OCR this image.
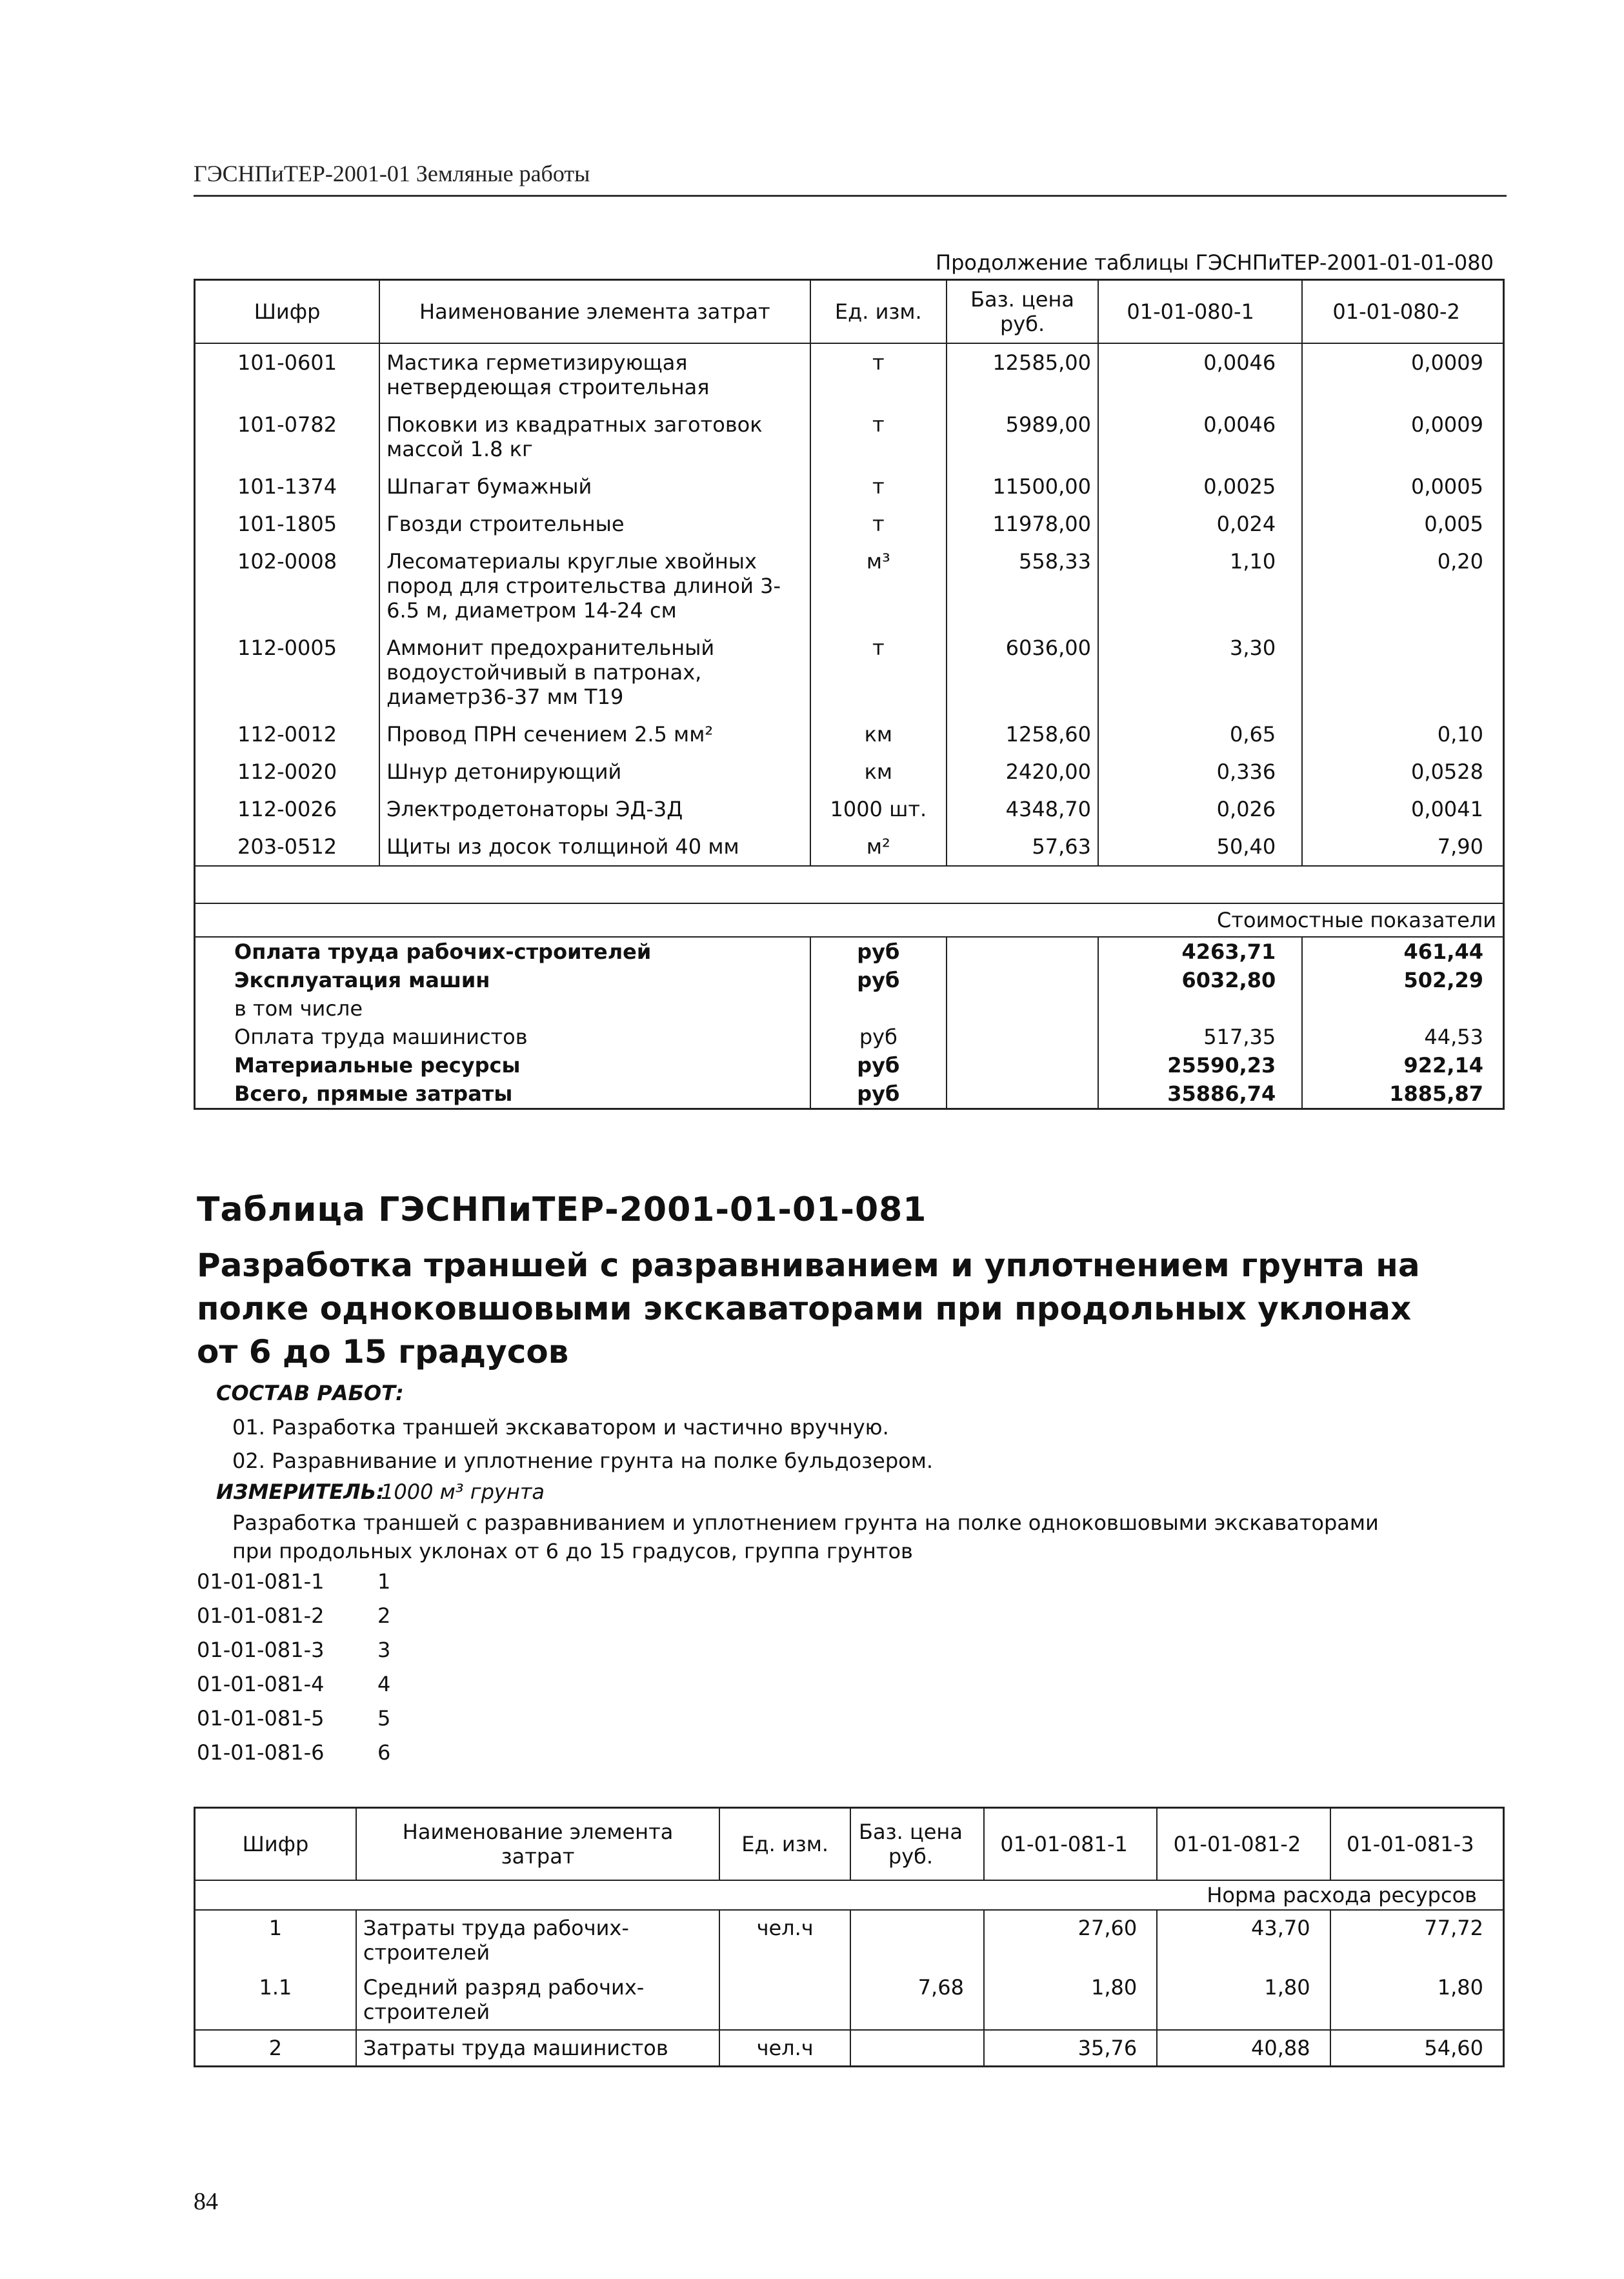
ГЭСНПиТЕР-2001-01 Земляные работы
Продолжение таблицы ГЭСНПиТЕР-2001-01-01-080
Шифр	Наименование элемента затрат	Ед. изм.	Баз. цена руб.	01-01-080-1	01-01-080-2
101-0601	Мастика герметизирующая нетвердеющая строительная	т	12585,00	0,0046	0,0009
101-0782	Поковки из квадратных заготовок массой 1.8 кг	т	5989,00	0,0046	0,0009
101-1374	Шпагат бумажный	т	11500,00	0,0025	0,0005
101-1805	Гвозди строительные	т	11978,00	0,024	0,005
102-0008	Лесоматериалы круглые хвойных пород для строительства длиной 3-6.5 м, диаметром 14-24 см	м³	558,33	1,10	0,20
112-0005	Аммонит предохранительный водоустойчивый в патронах, диаметр36-37 мм Т19	т	6036,00	3,30	
112-0012	Провод ПРН сечением 2.5 мм²	км	1258,60	0,65	0,10
112-0020	Шнур детонирующий	км	2420,00	0,336	0,0528
112-0026	Электродетонаторы ЭД-3Д	1000 шт.	4348,70	0,026	0,0041
203-0512	Щиты из досок толщиной 40 мм	м²	57,63	50,40	7,90

Стоимостные показатели					
Оплата труда рабочих-строителей		руб		4263,71	461,44
Эксплуатация машин		руб		6032,80	502,29
в том числе					
Оплата труда машинистов		руб		517,35	44,53
Материальные ресурсы		руб		25590,23	922,14
Всего, прямые затраты		руб		35886,74	1885,87
Таблица ГЭСНПиТЕР-2001-01-01-081
Разработка траншей с разравниванием и уплотнением грунта на полке одноковшовыми экскаваторами при продольных уклонах от 6 до 15 градусов
СОСТАВ РАБОТ:
01. Разработка траншей экскаватором и частично вручную.
02. Разравнивание и уплотнение грунта на полке бульдозером.
ИЗМЕРИТЕЛЬ:
1000 м³ грунта
Разработка траншей с разравниванием и уплотнением грунта на полке одноковшовыми экскаваторами при продольных уклонах от 6 до 15 градусов, группа грунтов
01-01-081-1	1
01-01-081-2	2
01-01-081-3	3
01-01-081-4	4
01-01-081-5	5
01-01-081-6	6
Шифр	Наименование элемента затрат	Ед. изм.	Баз. цена руб.	01-01-081-1	01-01-081-2	01-01-081-3
Норма расхода ресурсов						
1	Затраты труда рабочих-строителей	чел.ч		27,60	43,70	77,72
1.1	Средний разряд рабочих-строителей		7,68	1,80	1,80	1,80
2	Затраты труда машинистов	чел.ч		35,76	40,88	54,60
84
